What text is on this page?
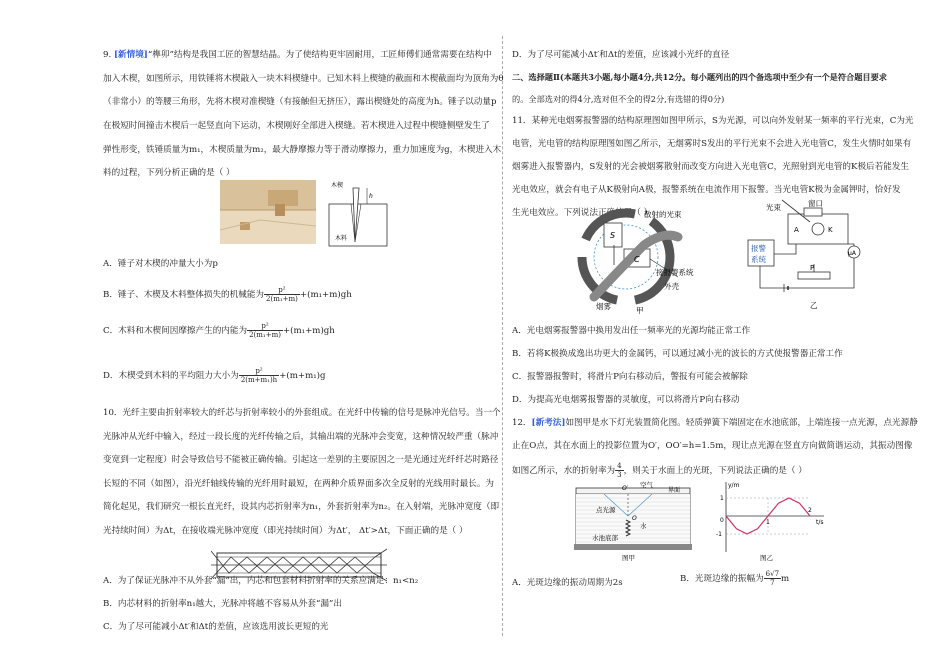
9. [新情境]“榫卯”结构是我国工匠的智慧结晶。为了使结构更牢固耐用，工匠师傅们通常需要在结构中
加入木楔，如图所示，用铁锤将木楔敲入一块木料楔缝中。已知木料上楔缝的截面和木楔截面均为顶角为θ
（非常小）的等腰三角形，先将木楔对准楔缝（有接触但无挤压），露出楔缝处的高度为h。锤子以动量p
在极短时间撞击木楔后一起竖直向下运动，木楔刚好全部进入楔缝。若木楔进入过程中楔缝侧壁发生了
弹性形变，铁锤质量为m₁，木楔质量为m₂，最大静摩擦力等于滑动摩擦力，重力加速度为g，木楔进入木
料的过程，下列分析正确的是（ ）
木楔
h
木料
A．锤子对木楔的冲量大小为p
B．锤子、木楔及木料整体损失的机械能为 $\frac{\text{p²}}{\text{2(m₁+m)}} +(m_1+m)gh$
C．木料和木楔间因摩擦产生的内能为 $\frac{\text{p²}}{\text{2(m₁+m)}} +(m_1+m)gh$
D．木楔受到木料的平均阻力大小为 $\frac{\text{p²}}{\text{2(m+m₁)h}} +(m+m_1)g$
10．光纤主要由折射率较大的纤芯与折射率较小的外套组成。在光纤中传输的信号是脉冲光信号。当一个
光脉冲从光纤中输入，经过一段长度的光纤传输之后，其输出端的光脉冲会变宽，这种情况较严重（脉冲
变宽到一定程度）时会导致信号不能被正确传输。引起这一差别的主要原因之一是光通过光纤纤芯时路径
长短的不同（如图），沿光纤轴线传输的光纤用时最短，在两种介质界面多次全反射的光线用时最长。为
简化起见，我们研究一根长直光纤，设其内芯折射率为n₁，外套折射率为n₂。在入射端，光脉冲宽度（即
光持续时间）为Δt，在接收端光脉冲宽度（即光持续时间）为Δt′， Δt′>Δt，下面正确的是（ ）
A．为了保证光脉冲不从外套“漏”出，内芯和包套材料折射率的关系应满足：n₁<n₂
B．内芯材料的折射率n₁越大，光脉冲将越不容易从外套“漏”出
C．为了尽可能减小Δt′和Δt的差值，应该选用波长更短的光
D．为了尽可能减小Δt′和Δt的差值，应该减小光纤的直径
二、选择题Ⅱ(本题共3小题,每小题4分,共12分。每小题列出的四个备选项中至少有一个是符合题目要求
的。全部选对的得4分,选对但不全的得2分,有选错的得0分)
11．某种光电烟雾报警器的结构原理图如图甲所示，S为光源，可以向外发射某一频率的平行光束，C为光
电管，光电管的结构原理图如图乙所示，无烟雾时S发出的平行光束不会进入光电管C，发生火情时如果有
烟雾进入报警器内，S发射的光会被烟雾散射而改变方向进入光电管C，光照射到光电管的K极后若能发生
光电效应，就会有电子从K极射向A极，报警系统在电流作用下报警。当光电管K极为金属钾时，恰好发
生光电效应。下列说法正确的是（ ）
S
C
散射的光束
接报警系统
外壳
烟雾	甲
光束	窗口
A	K
μA
报警
系统
P
乙
A．光电烟雾报警器中换用发出任一频率光的光源均能正常工作
B．若将K极换成逸出功更大的金属钙，可以通过减小光的波长的方式使报警器正常工作
C．报警器报警时，将滑片P向右移动后，警报有可能会被解除
D．为提高光电烟雾报警器的灵敏度，可以将滑片P向右移动
12．[新考法]如图甲是水下灯光装置简化图。轻质弹簧下端固定在水池底部，上端连接一点光源，点光源静
止在O点，其在水面上的投影位置为O′，OO′=h=1.5m，现让点光源在竖直方向做简谐运动，其振动图像
如图乙所示，水的折射率为 $\frac{4}{3}$ ，则关于水面上的光斑，下列说法正确的是（ ）
空气
界面
O′
点光源
O
水
水池底部
图甲
y/m
t/s
1
0
-1
1
2
图乙
A．光斑边缘的振动周期为2s	B．光斑边缘的振幅为 $\frac{6√7}{7}$ m
